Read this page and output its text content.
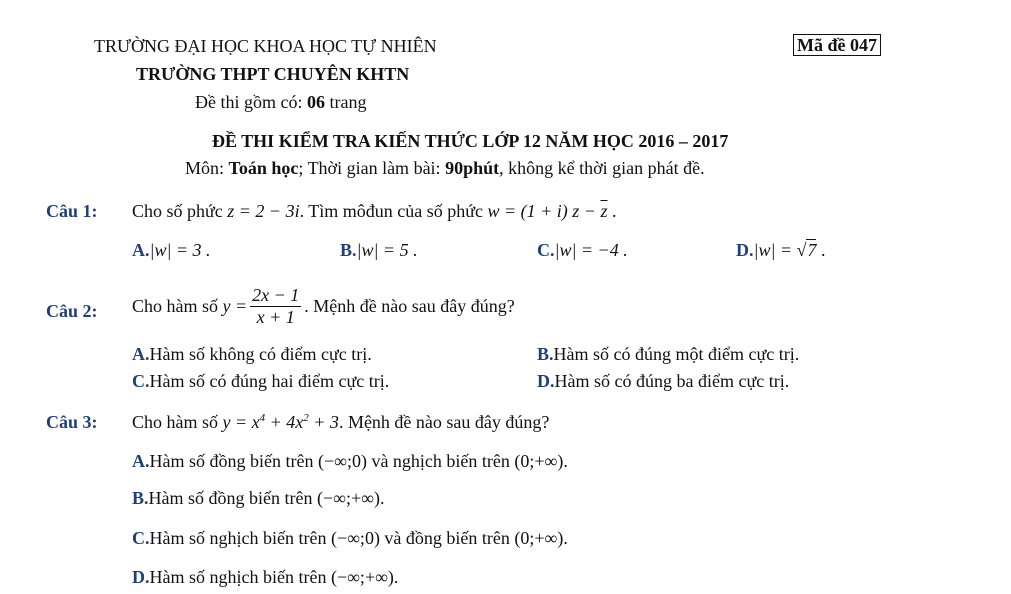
TRƯỜNG ĐẠI HỌC KHOA HỌC TỰ NHIÊN	Mã đề 047
TRƯỜNG THPT CHUYÊN KHTN
Đề thi gồm có: 06 trang
ĐỀ THI KIỂM TRA KIẾN THỨC LỚP 12 NĂM HỌC 2016 – 2017
Môn: Toán học; Thời gian làm bài: 90phút, không kể thời gian phát đề.
Câu 1: Cho số phức z = 2 − 3i. Tìm môđun của số phức w = (1 + i) $z - \overline{z}$ .
A.|w| = 3 .	B.|w| = 5 .	C.|w| = −4 .	D.|w| = √7 .
Câu 2: Cho hàm số $y = \frac{2x - 1}{x + 1}$ . Mệnh đề nào sau đây đúng?
A.Hàm số không có điểm cực trị.	B.Hàm số có đúng một điểm cực trị.
C.Hàm số có đúng hai điểm cực trị.	D.Hàm số có đúng ba điểm cực trị.
Câu 3: Cho hàm số $y = x^4 + 4x^2 + 3$. Mệnh đề nào sau đây đúng?
A.Hàm số đồng biến trên (−∞;0) và nghịch biến trên (0;+∞).
B.Hàm số đồng biến trên (−∞;+∞).
C.Hàm số nghịch biến trên (−∞;0) và đồng biến trên (0;+∞).
D.Hàm số nghịch biến trên (−∞;+∞).
